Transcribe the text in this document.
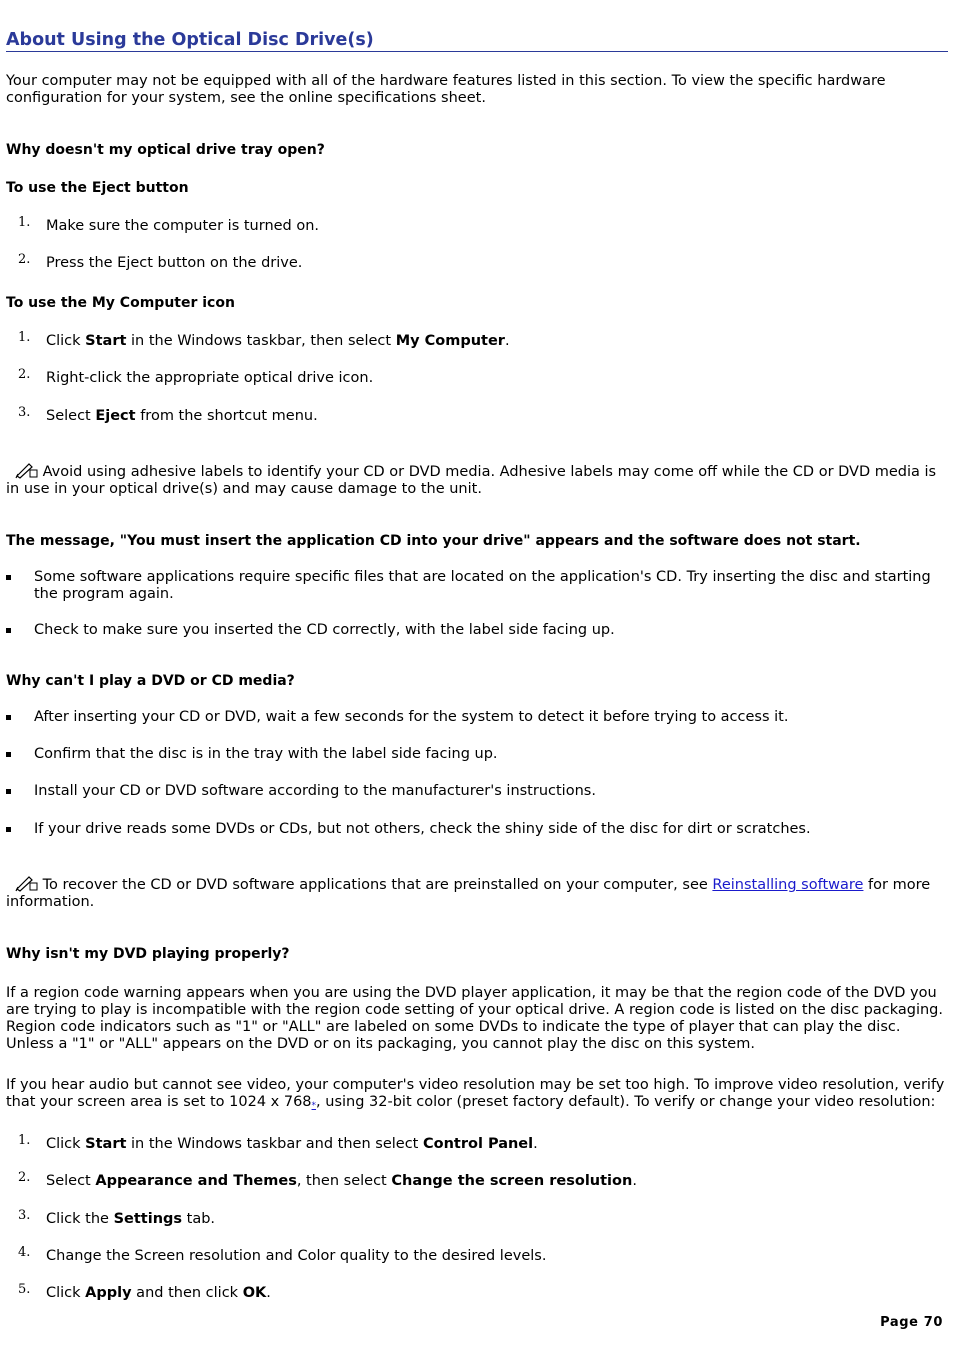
About Using the Optical Disc Drive(s)

Your computer may not be equipped with all of the hardware features listed in this section. To view the specific hardware configuration for your system, see the online specifications sheet.

Why doesn't my optical drive tray open?

To use the Eject button

1. Make sure the computer is turned on.
2. Press the Eject button on the drive.

To use the My Computer icon

1. Click Start in the Windows taskbar, then select My Computer.
2. Right-click the appropriate optical drive icon.
3. Select Eject from the shortcut menu.

Avoid using adhesive labels to identify your CD or DVD media. Adhesive labels may come off while the CD or DVD media is in use in your optical drive(s) and may cause damage to the unit.

The message, "You must insert the application CD into your drive" appears and the software does not start.

Some software applications require specific files that are located on the application's CD. Try inserting the disc and starting the program again.
Check to make sure you inserted the CD correctly, with the label side facing up.

Why can't I play a DVD or CD media?

After inserting your CD or DVD, wait a few seconds for the system to detect it before trying to access it.
Confirm that the disc is in the tray with the label side facing up.
Install your CD or DVD software according to the manufacturer's instructions.
If your drive reads some DVDs or CDs, but not others, check the shiny side of the disc for dirt or scratches.

To recover the CD or DVD software applications that are preinstalled on your computer, see Reinstalling software for more information.

Why isn't my DVD playing properly?

If a region code warning appears when you are using the DVD player application, it may be that the region code of the DVD you are trying to play is incompatible with the region code setting of your optical drive. A region code is listed on the disc packaging. Region code indicators such as "1" or "ALL" are labeled on some DVDs to indicate the type of player that can play the disc. Unless a "1" or "ALL" appears on the DVD or on its packaging, you cannot play the disc on this system.

If you hear audio but cannot see video, your computer's video resolution may be set too high. To improve video resolution, verify that your screen area is set to 1024 x 768*, using 32-bit color (preset factory default). To verify or change your video resolution:

1. Click Start in the Windows taskbar and then select Control Panel.
2. Select Appearance and Themes, then select Change the screen resolution.
3. Click the Settings tab.
4. Change the Screen resolution and Color quality to the desired levels.
5. Click Apply and then click OK.
Page 70
